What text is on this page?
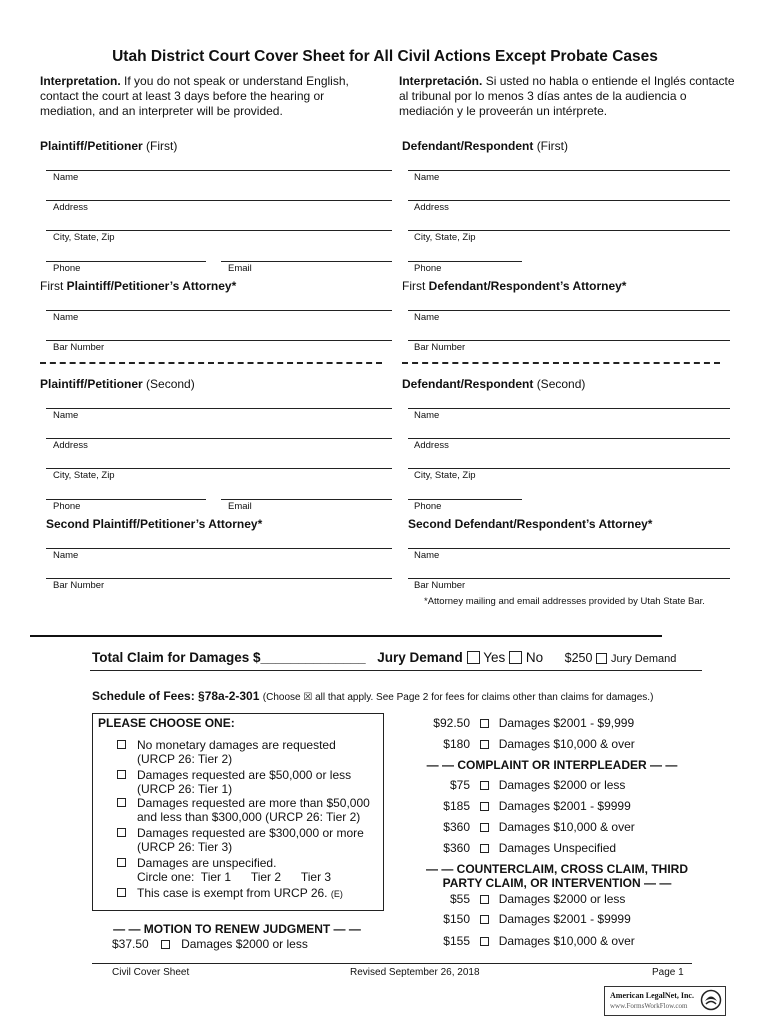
Utah District Court Cover Sheet for All Civil Actions Except Probate Cases
Interpretation. If you do not speak or understand English, contact the court at least 3 days before the hearing or mediation, and an interpreter will be provided.
Interpretación. Si usted no habla o entiende el Inglés contacte al tribunal por lo menos 3 días antes de la audiencia o mediación y le proveerán un intérprete.
Plaintiff/Petitioner (First)
Name
Address
City, State, Zip
Phone	Email
First Plaintiff/Petitioner’s Attorney*
Name
Bar Number
Plaintiff/Petitioner (Second)
Name
Address
City, State, Zip
Phone	Email
Second Plaintiff/Petitioner’s Attorney*
Name
Bar Number
Defendant/Respondent (First)
Name
Address
City, State, Zip
Phone
First Defendant/Respondent’s Attorney*
Name
Bar Number
Defendant/Respondent (Second)
Name
Address
City, State, Zip
Phone
Second Defendant/Respondent’s Attorney*
Name
Bar Number
*Attorney mailing and email addresses provided by Utah State Bar.
Total Claim for Damages $______________ Jury Demand Yes No $250 Jury Demand
Schedule of Fees: §78a-2-301 (Choose ☒ all that apply. See Page 2 for fees for claims other than claims for damages.)
PLEASE CHOOSE ONE:
No monetary damages are requested
(URCP 26: Tier 2)
Damages requested are $50,000 or less
(URCP 26: Tier 1)
Damages requested are more than $50,000
and less than $300,000 (URCP 26: Tier 2)
Damages requested are $300,000 or more
(URCP 26: Tier 3)
Damages are unspecified.
Circle one:  Tier 1      Tier 2      Tier 3
This case is exempt from URCP 26. (E)
— — MOTION TO RENEW JUDGMENT — —
$37.50	Damages $2000 or less
$92.50 Damages $2001 - $9,999
$180 Damages $10,000 & over
— — COMPLAINT OR INTERPLEADER — —
$75 Damages $2000 or less
$185 Damages $2001 - $9999
$360 Damages $10,000 & over
$360 Damages Unspecified
— — COUNTERCLAIM, CROSS CLAIM, THIRD
PARTY CLAIM, OR INTERVENTION — —
$55 Damages $2000 or less
$150 Damages $2001 - $9999
$155 Damages $10,000 & over
Civil Cover Sheet	Revised September 26, 2018	Page 1
American LegalNet, Inc.
www.FormsWorkFlow.com
